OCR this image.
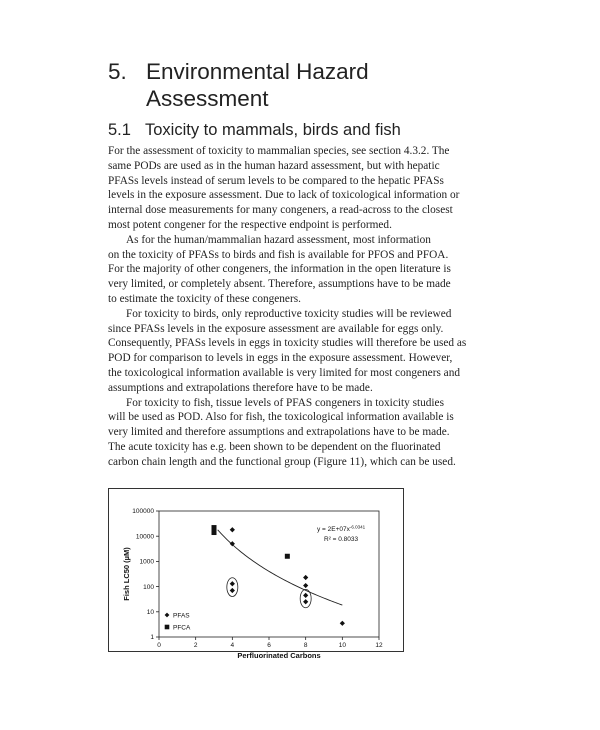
5. Environmental Hazard
Assessment
5.1 Toxicity to mammals, birds and fish
For the assessment of toxicity to mammalian species, see section 4.3.2. The
same PODs are used as in the human hazard assessment, but with hepatic
PFASs levels instead of serum levels to be compared to the hepatic PFASs
levels in the exposure assessment. Due to lack of toxicological information or
internal dose measurements for many congeners, a read-across to the closest
most potent congener for the respective endpoint is performed.
As for the human/mammalian hazard assessment, most information
on the toxicity of PFASs to birds and fish is available for PFOS and PFOA.
For the majority of other congeners, the information in the open literature is
very limited, or completely absent. Therefore, assumptions have to be made
to estimate the toxicity of these congeners.
For toxicity to birds, only reproductive toxicity studies will be reviewed
since PFASs levels in the exposure assessment are available for eggs only.
Consequently, PFASs levels in eggs in toxicity studies will therefore be used as
POD for comparison to levels in eggs in the exposure assessment. However,
the toxicological information available is very limited for most congeners and
assumptions and extrapolations therefore have to be made.
For toxicity to fish, tissue levels of PFAS congeners in toxicity studies
will be used as POD. Also for fish, the toxicological information available is
very limited and therefore assumptions and extrapolations have to be made.
The acute toxicity has e.g. been shown to be dependent on the fluorinated
carbon chain length and the functional group (Figure 11), which can be used.
1
10
100
1000
10000
100000
0	2	4	6	8	10	12
Perfluorinated Carbons
Fish LC50 (µM)
PFAS
PFCA
$y = 2E+07x^{-6.0341}$
R² = 0.8033
